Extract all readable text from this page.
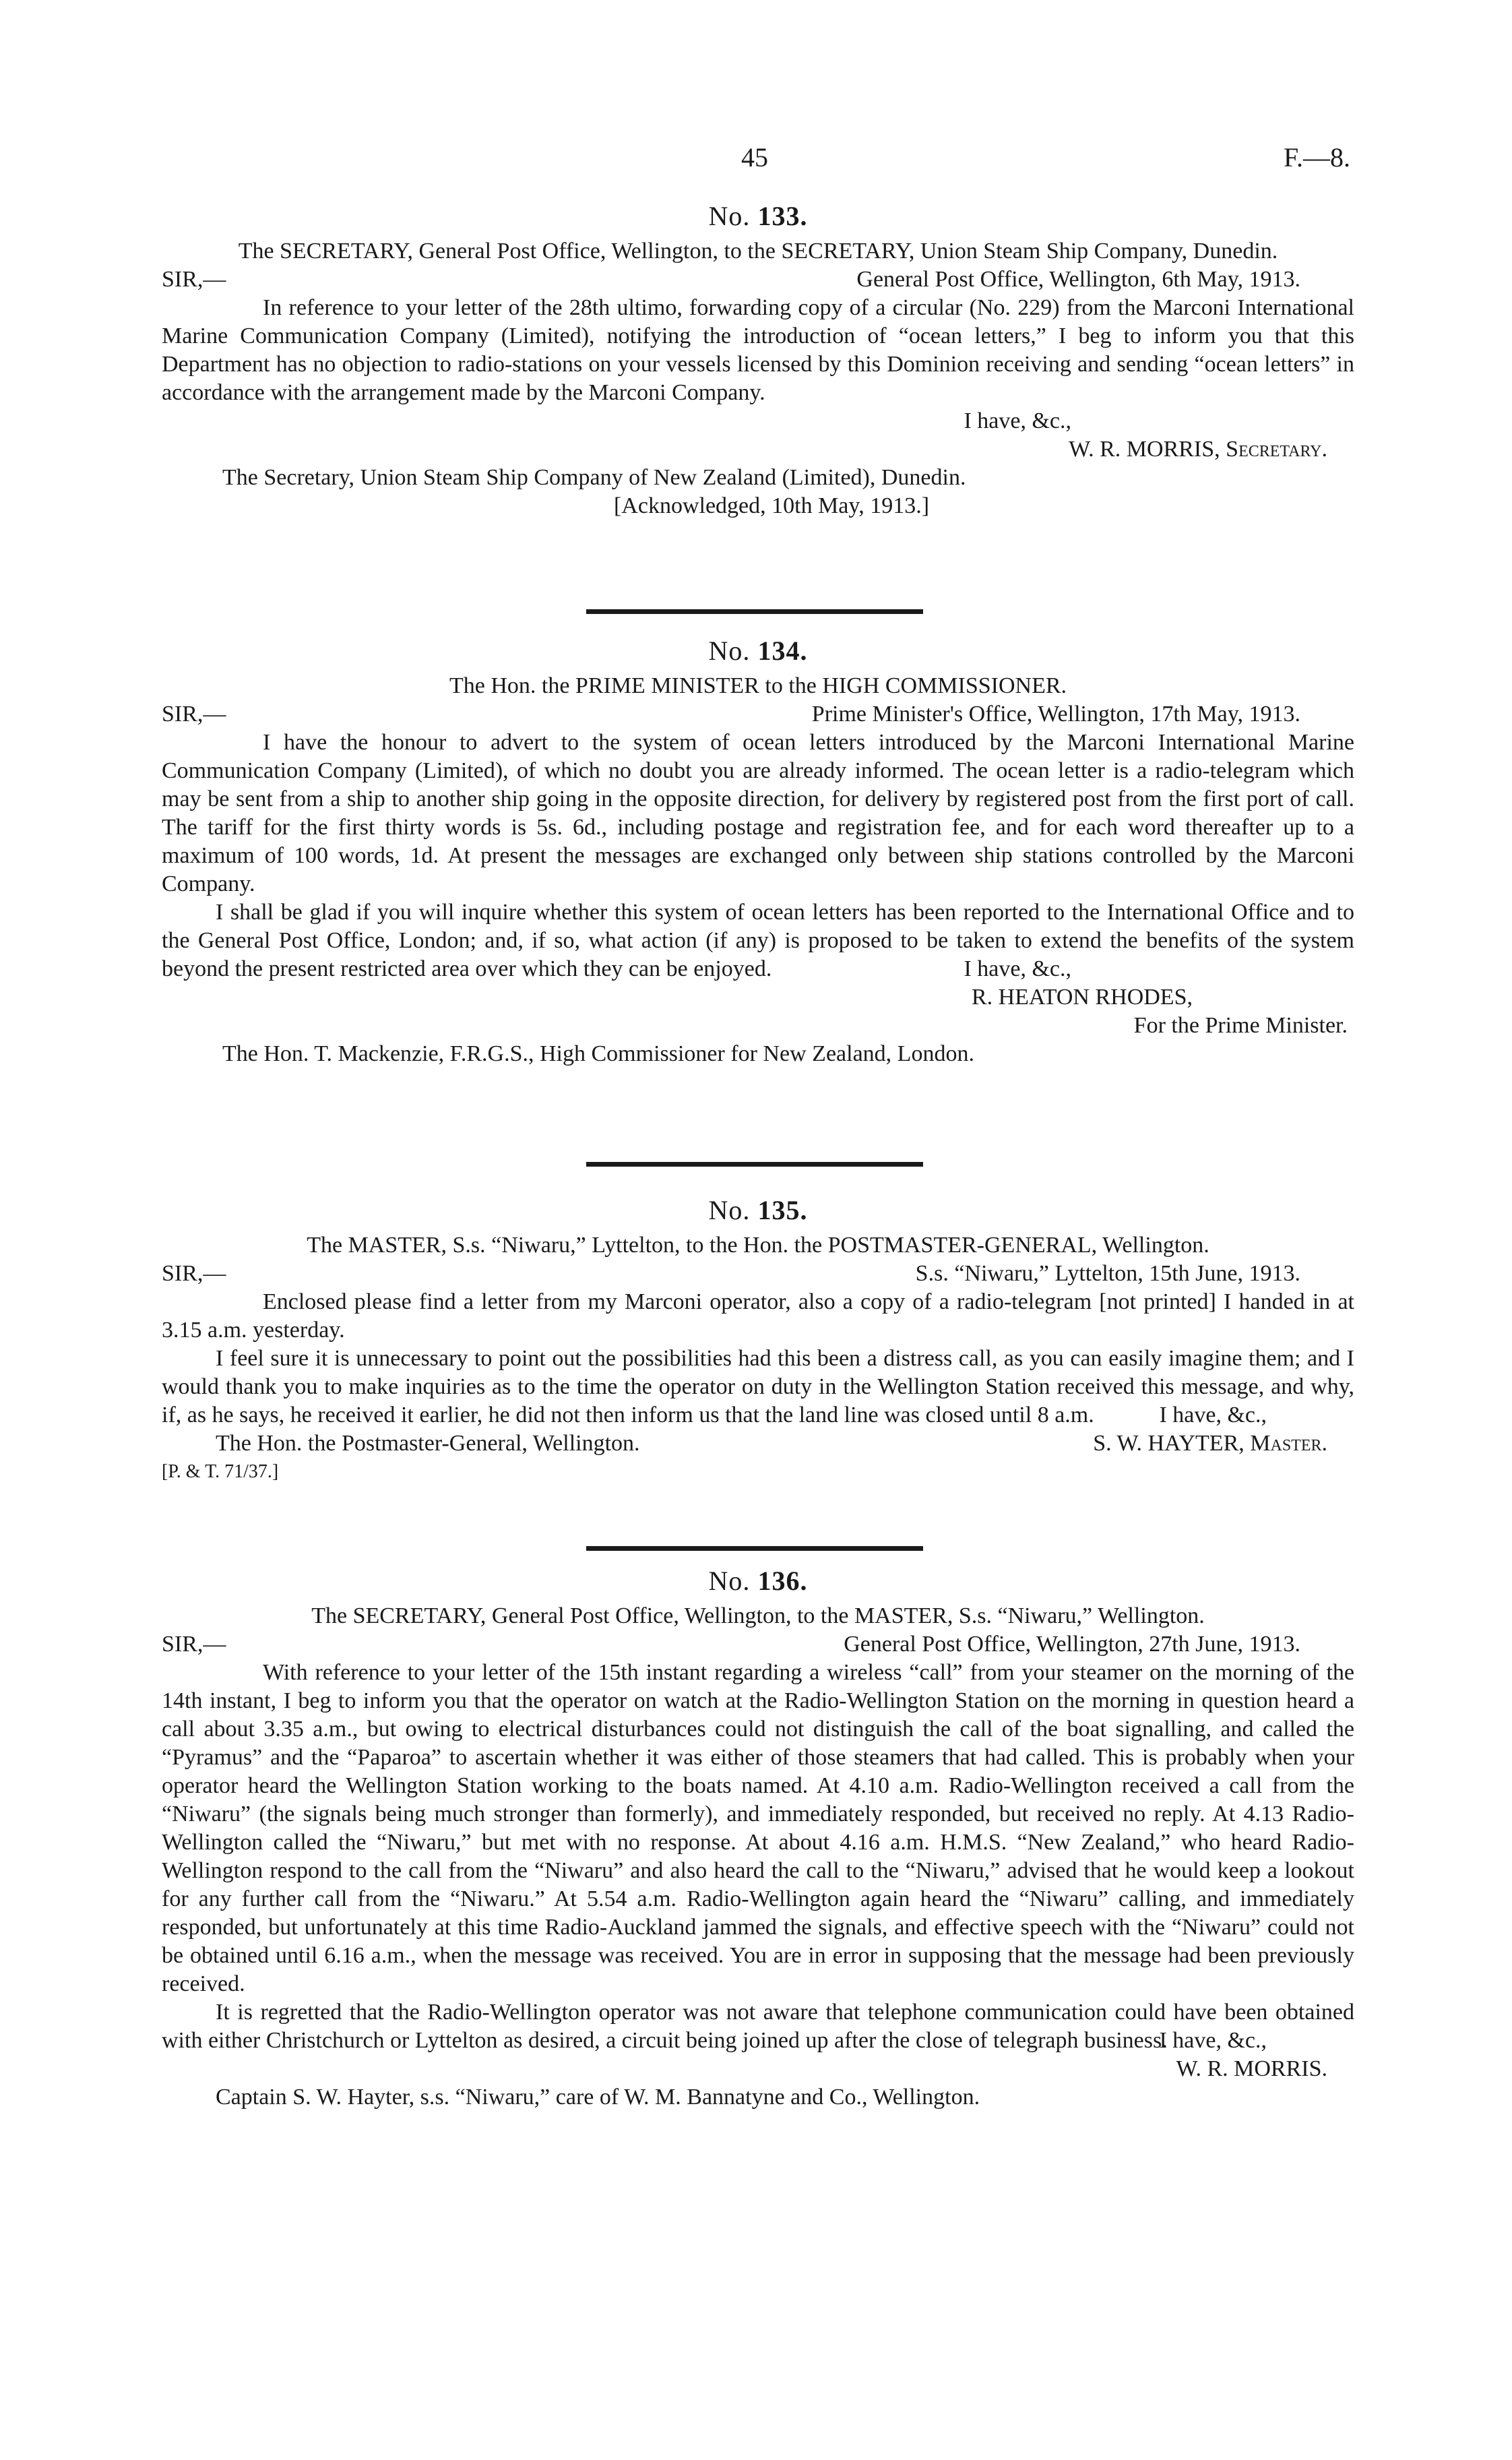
45	F.—8.
No. 133.
The SECRETARY, General Post Office, Wellington, to the SECRETARY, Union Steam Ship Company, Dunedin.
SIR,—	General Post Office, Wellington, 6th May, 1913.

In reference to your letter of the 28th ultimo, forwarding copy of a circular (No. 229) from the Marconi International Marine Communication Company (Limited), notifying the introduction of “ocean letters,” I beg to inform you that this Department has no objection to radio-stations on your vessels licensed by this Dominion receiving and sending “ocean letters” in accordance with the arrangement made by the Marconi Company.

I have, &c.,
W. R. MORRIS, Secretary.
The Secretary, Union Steam Ship Company of New Zealand (Limited), Dunedin.
[Acknowledged, 10th May, 1913.]
No. 134.
The Hon. the PRIME MINISTER to the HIGH COMMISSIONER.
SIR,—	Prime Minister's Office, Wellington, 17th May, 1913.

I have the honour to advert to the system of ocean letters introduced by the Marconi International Marine Communication Company (Limited), of which no doubt you are already informed. The ocean letter is a radio-telegram which may be sent from a ship to another ship going in the opposite direction, for delivery by registered post from the first port of call. The tariff for the first thirty words is 5s. 6d., including postage and registration fee, and for each word thereafter up to a maximum of 100 words, 1d. At present the messages are exchanged only between ship stations controlled by the Marconi Company.

I shall be glad if you will inquire whether this system of ocean letters has been reported to the International Office and to the General Post Office, London; and, if so, what action (if any) is proposed to be taken to extend the benefits of the system beyond the present restricted area over which they can be enjoyed.	I have, &c.,
R. HEATON RHODES,
For the Prime Minister.
The Hon. T. Mackenzie, F.R.G.S., High Commissioner for New Zealand, London.
No. 135.
The MASTER, S.s. “Niwaru,” Lyttelton, to the Hon. the POSTMASTER-GENERAL, Wellington.
SIR,—	S.s. “Niwaru,” Lyttelton, 15th June, 1913.

Enclosed please find a letter from my Marconi operator, also a copy of a radio-telegram [not printed] I handed in at 3.15 a.m. yesterday.

I feel sure it is unnecessary to point out the possibilities had this been a distress call, as you can easily imagine them; and I would thank you to make inquiries as to the time the operator on duty in the Wellington Station received this message, and why, if, as he says, he received it earlier, he did not then inform us that the land line was closed until 8 a.m.	I have, &c.,
The Hon. the Postmaster-General, Wellington.	S. W. HAYTER, Master.
[P. & T. 71/37.]
No. 136.
The SECRETARY, General Post Office, Wellington, to the MASTER, S.s. “Niwaru,” Wellington.
SIR,—	General Post Office, Wellington, 27th June, 1913.

With reference to your letter of the 15th instant regarding a wireless “call” from your steamer on the morning of the 14th instant, I beg to inform you that the operator on watch at the Radio-Wellington Station on the morning in question heard a call about 3.35 a.m., but owing to electrical disturbances could not distinguish the call of the boat signalling, and called the “Pyramus” and the “Paparoa” to ascertain whether it was either of those steamers that had called. This is probably when your operator heard the Wellington Station working to the boats named. At 4.10 a.m. Radio-Wellington received a call from the “Niwaru” (the signals being much stronger than formerly), and immediately responded, but received no reply. At 4.13 Radio-Wellington called the “Niwaru,” but met with no response. At about 4.16 a.m. H.M.S. “New Zealand,” who heard Radio-Wellington respond to the call from the “Niwaru” and also heard the call to the “Niwaru,” advised that he would keep a lookout for any further call from the “Niwaru.” At 5.54 a.m. Radio-Wellington again heard the “Niwaru” calling, and immediately responded, but unfortunately at this time Radio-Auckland jammed the signals, and effective speech with the “Niwaru” could not be obtained until 6.16 a.m., when the message was received. You are in error in supposing that the message had been previously received.

It is regretted that the Radio-Wellington operator was not aware that telephone communication could have been obtained with either Christchurch or Lyttelton as desired, a circuit being joined up after the close of telegraph business.

I have, &c.,
W. R. MORRIS.
Captain S. W. Hayter, s.s. “Niwaru,” care of W. M. Bannatyne and Co., Wellington.
